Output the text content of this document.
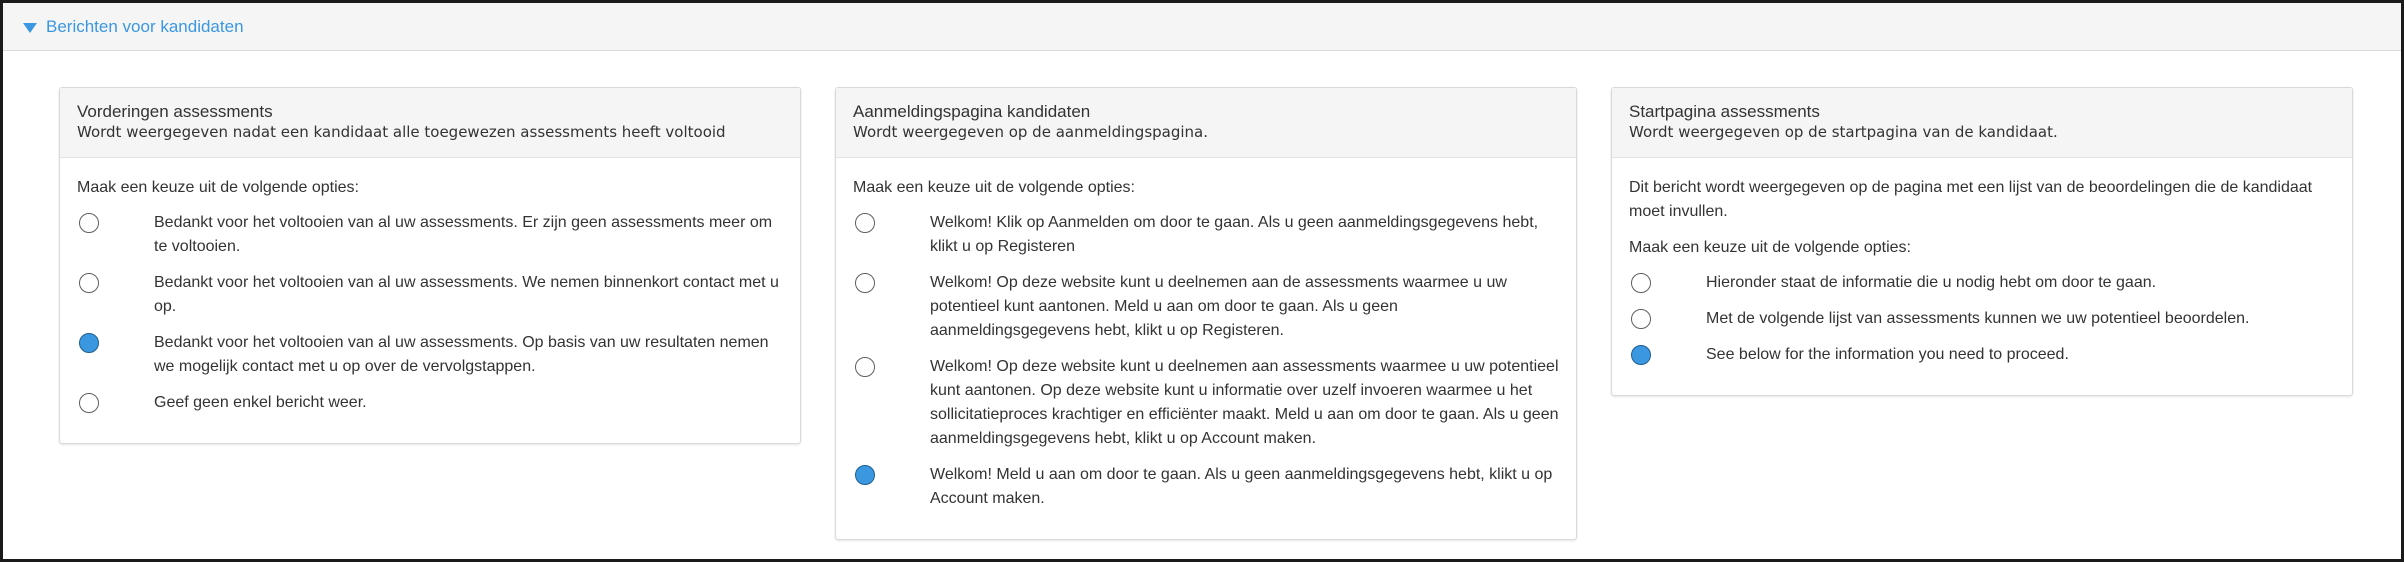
Berichten voor kandidaten
Vorderingen assessments
Wordt weergegeven nadat een kandidaat alle toegewezen assessments heeft voltooid
Maak een keuze uit de volgende opties:
Bedankt voor het voltooien van al uw assessments. Er zijn geen assessments meer om te voltooien.
Bedankt voor het voltooien van al uw assessments. We nemen binnenkort contact met u op.
Bedankt voor het voltooien van al uw assessments. Op basis van uw resultaten nemen we mogelijk contact met u op over de vervolgstappen.
Geef geen enkel bericht weer.
Aanmeldingspagina kandidaten
Wordt weergegeven op de aanmeldingspagina.
Maak een keuze uit de volgende opties:
Welkom! Klik op Aanmelden om door te gaan. Als u geen aanmeldingsgegevens hebt, klikt u op Registeren
Welkom! Op deze website kunt u deelnemen aan de assessments waarmee u uw potentieel kunt aantonen. Meld u aan om door te gaan. Als u geen aanmeldingsgegevens hebt, klikt u op Registeren.
Welkom! Op deze website kunt u deelnemen aan assessments waarmee u uw potentieel kunt aantonen. Op deze website kunt u informatie over uzelf invoeren waarmee u het sollicitatieproces krachtiger en efficiënter maakt. Meld u aan om door te gaan. Als u geen aanmeldingsgegevens hebt, klikt u op Account maken.
Welkom! Meld u aan om door te gaan. Als u geen aanmeldingsgegevens hebt, klikt u op Account maken.
Startpagina assessments
Wordt weergegeven op de startpagina van de kandidaat.
Dit bericht wordt weergegeven op de pagina met een lijst van de beoordelingen die de kandidaat moet invullen.
Maak een keuze uit de volgende opties:
Hieronder staat de informatie die u nodig hebt om door te gaan.
Met de volgende lijst van assessments kunnen we uw potentieel beoordelen.
See below for the information you need to proceed.
